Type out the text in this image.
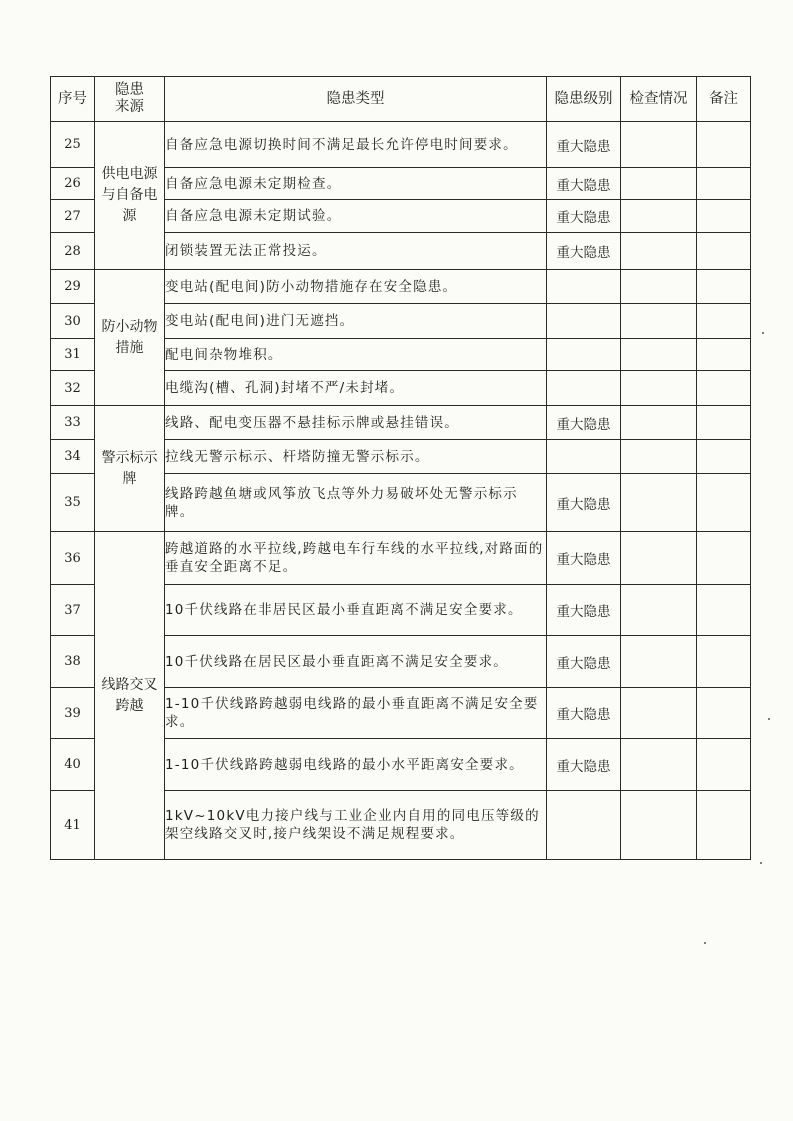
序号	隐患来源	隐患类型	隐患级别	检查情况	备注
25	供电电源与自备电源	自备应急电源切换时间不满足最长允许停电时间要求。	重大隐患		
26		自备应急电源未定期检查。	重大隐患		
27		自备应急电源未定期试验。	重大隐患		
28		闭锁装置无法正常投运。	重大隐患		
29	防小动物措施	变电站(配电间)防小动物措施存在安全隐患。			
30		变电站(配电间)进门无遮挡。			
31		配电间杂物堆积。			
32		电缆沟(槽、孔洞)封堵不严/未封堵。			
33	警示标示牌	线路、配电变压器不悬挂标示牌或悬挂错误。	重大隐患		
34		拉线无警示标示、杆塔防撞无警示标示。			
35		线路跨越鱼塘或风筝放飞点等外力易破坏处无警示标示牌。	重大隐患		
36	线路交叉跨越	跨越道路的水平拉线,跨越电车行车线的水平拉线,对路面的垂直安全距离不足。	重大隐患		
37		10千伏线路在非居民区最小垂直距离不满足安全要求。	重大隐患		
38		10千伏线路在居民区最小垂直距离不满足安全要求。	重大隐患		
39		1-10千伏线路跨越弱电线路的最小垂直距离不满足安全要求。	重大隐患		
40		1-10千伏线路跨越弱电线路的最小水平距离安全要求。	重大隐患		
41		1kV~10kV电力接户线与工业企业内自用的同电压等级的架空线路交叉时,接户线架设不满足规程要求。			
